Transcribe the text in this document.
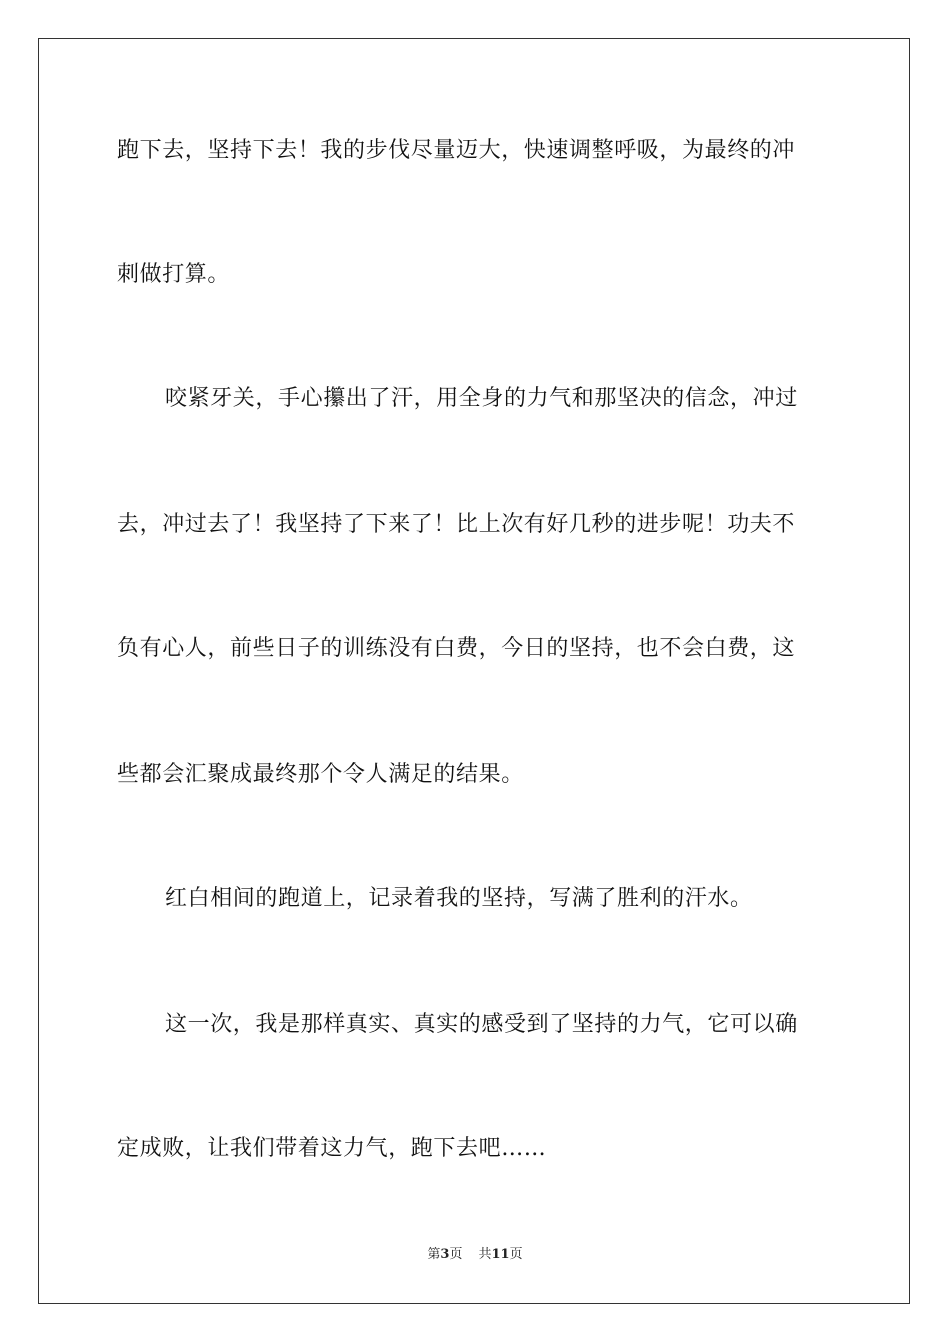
跑下去，坚持下去！我的步伐尽量迈大，快速调整呼吸，为最终的冲
刺做打算。
咬紧牙关，手心攥出了汗，用全身的力气和那坚决的信念，冲过
去，冲过去了！我坚持了下来了！比上次有好几秒的进步呢！功夫不
负有心人，前些日子的训练没有白费，今日的坚持，也不会白费，这
些都会汇聚成最终那个令人满足的结果。
红白相间的跑道上，记录着我的坚持，写满了胜利的汗水。
这一次，我是那样真实、真实的感受到了坚持的力气，它可以确
定成败，让我们带着这力气，跑下去吧……
第3页 共11页
